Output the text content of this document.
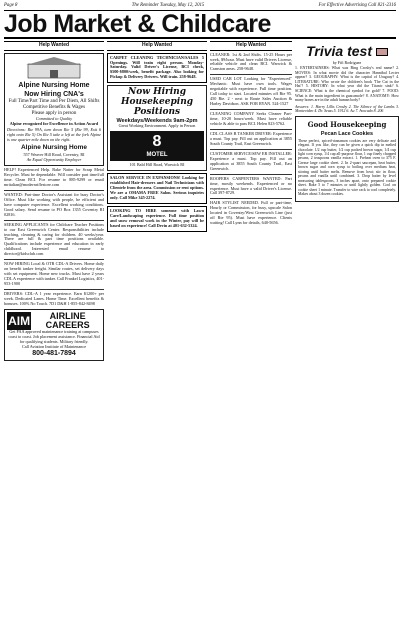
Page 8	The Reminder Tuesday, May 12, 2015	For Effective Advertising Call 821-2316
Job Market & Childcare
Help Wanted
Alpine Nursing Home
Now Hiring CNA's
Full Time/Part Time and Per Diem, All Shifts
Competitive Benefits & Wages
Please apply in person
Committed to Quality
Alpine recognized for Excellence in Action Award
Directions: Rte 99A, turn down Rte 5 (Rte 99, Exit 6 right onto Rte 5) On Rte 5 take a left at the fork Alpine is one quarter mile down on the right.
Alpine Nursing Home
557 Weaver Hill Road, Coventry, RI
An Equal Opportunity Employer
HELP! Experienced Help. Bake Natter for Scrap Metal Recycler. Must be dependable. Will consider part time/full time. Clean BCI. For resume to 885-9299 or email mritalian@modernriflestore.com
WANTED: Part-time Doctor's Assistant for busy Doctor's Office. Must like working with people, be efficient and have computer experience. Excellent working conditions. Good salary. Send resume to PO Box 1355 Coventry RI 02816.
SEEKING APPLICANTS for Childcare Teacher Positions to our East Greenwich Center. Responsibilities include teaching, cleaning & caring for children. 40 weeks/year. There are full & part time positions available. Qualifications include experience and education in early childhood. Interested email resume to director@kidsclub.com
NOW HIRING Local & OTR CDL-A Drivers. Home daily on benefit tanker freight. Similar routes, set delivery days with set equipment. Home new trucks. Must have 2 years CDL A experience with tanker. Call Frankel Logistics, 401-953-1900
DRIVERS: CDL-A 1 year experience. Earn $1200+ per week. Dedicated Lanes. Home Time. Excellent benefits & bonuses. 100% No Touch. 7D1 D&H 1-855-842-8498
AIM	AIRLINE CAREERS
Get FAA approved maintenance training at campuses coast to coast. Job placement assistance. Financial Aid for qualifying students. Military friendly.
Call Aviation Institute of Maintenance
800-481-7894
Help Wanted
CARPET CLEANING TECHNICIAN/SALES 5 Openings. Will train right person. Monday-Saturday. Valid Driver's License, BCI check, $500-$800/week, benefit package. Also looking for Pickup & Delivery Drivers. Will train. 258-9648.
Now Hiring Housekeeping Positions
Weekdays/Weekends 9am-2pm
Great Working Environment. Apply in Person
8
MOTEL
101 Bald Hill Road, Warwick RI
SALON SERVICE IN EXPANSIONS! Looking for established Hair-dressers and Nail Technicians with Clientele from the area. Commission or rent options. We are a OMAMA FREE Salon. Serious inquiries only. Call Mike 345-2274.
LOOKING TO HIRE someone with Lawn Care/Landscaping experience. Full time position and snow removal work in the Winter, pay will be based on experience! Call Devin at 401-632-5324.
Help Wanted
CLEANER: 1st & 2nd Shifts. 15-25 Hours per week, $9/hour. Must have valid Drivers License, reliable vehicle and clean BCI. Warwick & Cranston areas. 258-9648.
USED CAR LOT Looking for "Experienced" Mechanic. Must have own tools. Wages negotiable with experience. Full time position. Call today to start. Located minutes off Rte 95. 450 Rte. 2 - next to Route Sales Auction & Harley Davidson. ASK FOR RYAN. 524-1527
CLEANING COMPANY Seeks Cleaner Part-time, 10-20 hours/week. Must have reliable vehicle & able to pass BCI. Helen 823-5762.
CDL CLASS B TANKER DRIVER: Experience a must. Top pay. Fill out an application at 3855 South County Trail, East Greenwich.
CUSTOMER SERVICE/SEW ER INSTALLER: Experience a must. Top pay. Fill out an application at 3855 South County Trail, East Greenwich.
ROOFERS CARPENTERS WANTED: Part time, mostly weekends. Experienced or no experience. Must have a valid Driver's License. Call 397-8729.
HAIR STYLIST NEEDED. Full or part-time, Hourly or Commission, for busy, upscale Salon located in Coventry/West Greenwich Line (just off Rte 95). Must have experience. Clients waiting! Call Lynn for details, 640-5656.
Trivia test
by Fifi Rodriguez
1. ENTERTAINERS: What was Bing Crosby's real name? 2. MOVIES: In what movie did the character Hannibal Lecter appear? 3. GEOGRAPHY: What is the capital of Uruguay? 4. LITERATURE: Who wrote the children's book 'The Cat in the Hat'? 5. HISTORY: In what year did the Titanic sink? 6. SCIENCE: What is the chemical symbol for gold? 7. FOOD: What is the main ingredient in guacamole? 8. ANATOMY: How many bones are in the adult human body?
Answers: 1. Harry Lillis Crosby 2. The Silence of the Lambs 3. Montevideo 4. Dr. Seuss 5. 1912 6. Au 7. Avocado 8. 206
Good Housekeeping
Pecan Lace Cookies
These perfect, spiced-cinnamon cookies are very delicate and elegant. If you like, they can be given a quick dip in melted chocolate. 1/2 cup butter, 1/2 cup packed brown sugar, 1/4 cup light corn syrup, 1/4 cup all-purpose flour, 1 cup finely chopped pecans, 2 teaspoons vanilla extract. 1. Preheat oven to 375 F. Grease large cookie sheet. 2. In 2-quart saucepan, heat butter, brown sugar and corn syrup to boiling over medium heat, stirring until butter melts. Remove from heat; stir in flour, pecans and vanilla until combined. 3. Drop batter by level measuring tablespoons, 3 inches apart, onto prepared cookie sheet. Bake 5 to 7 minutes or until lightly golden. Cool on cookie sheet 1 minute. Transfer to wire rack to cool completely. Makes about 3 dozen cookies.
